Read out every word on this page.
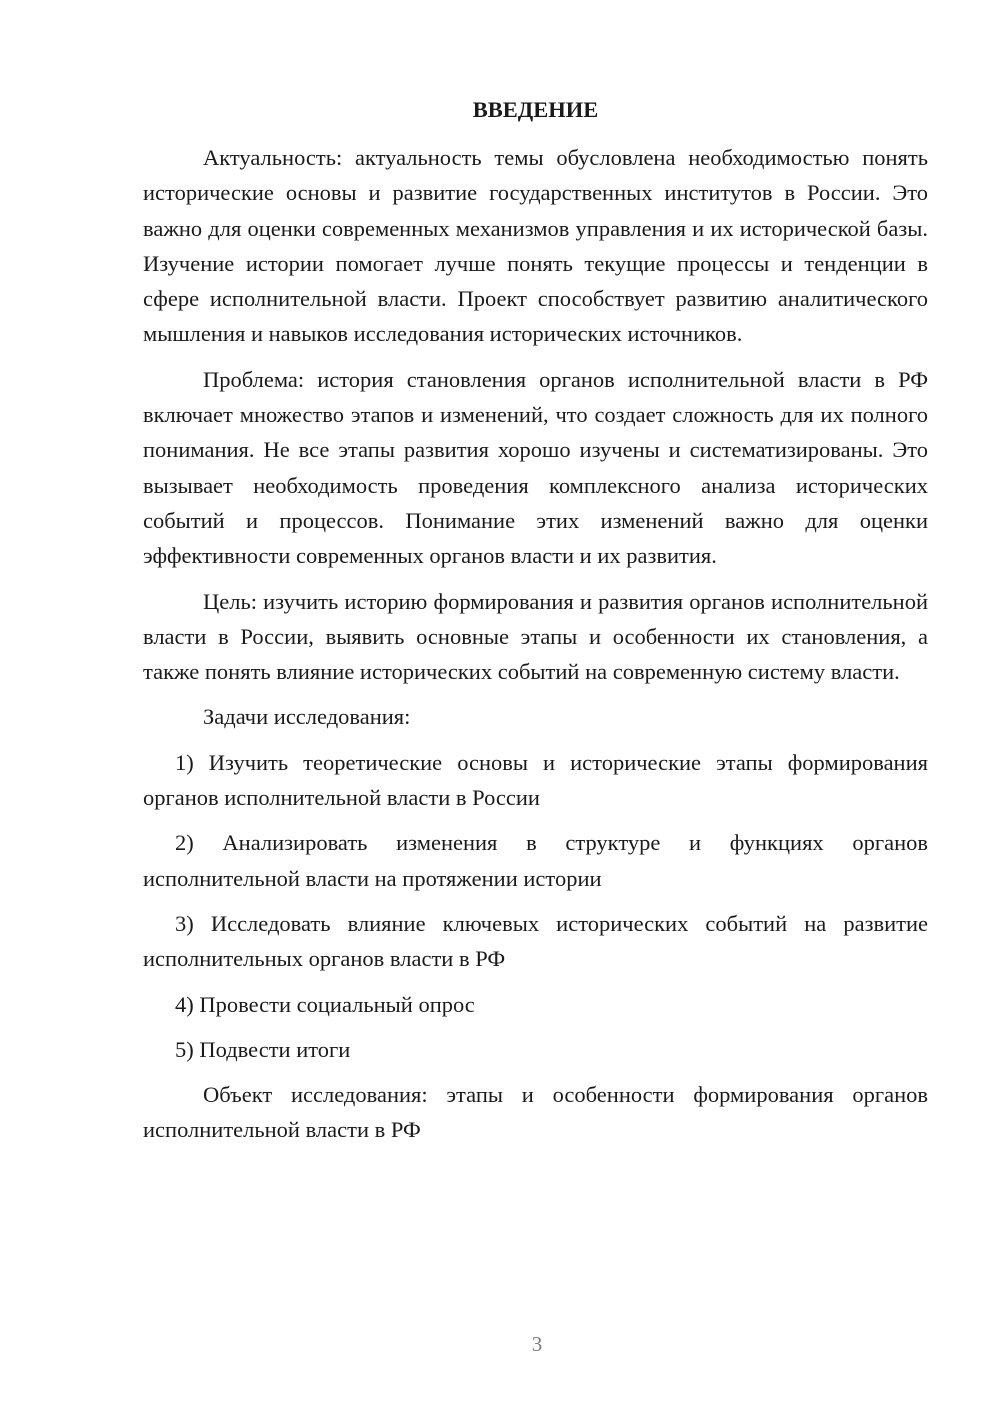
ВВЕДЕНИЕ

Актуальность: актуальность темы обусловлена необходимостью понять исторические основы и развитие государственных институтов в России. Это важно для оценки современных механизмов управления и их исторической базы. Изучение истории помогает лучше понять текущие процессы и тенденции в сфере исполнительной власти. Проект способствует развитию аналитического мышления и навыков исследования исторических источников.

Проблема: история становления органов исполнительной власти в РФ включает множество этапов и изменений, что создает сложность для их полного понимания. Не все этапы развития хорошо изучены и систематизированы. Это вызывает необходимость проведения комплексного анализа исторических событий и процессов. Понимание этих изменений важно для оценки эффективности современных органов власти и их развития.

Цель: изучить историю формирования и развития органов исполнительной власти в России, выявить основные этапы и особенности их становления, а также понять влияние исторических событий на современную систему власти.

Задачи исследования:

1) Изучить теоретические основы и исторические этапы формирования органов исполнительной власти в России

2) Анализировать изменения в структуре и функциях органов исполнительной власти на протяжении истории

3) Исследовать влияние ключевых исторических событий на развитие исполнительных органов власти в РФ

4) Провести социальный опрос

5) Подвести итоги

Объект исследования: этапы и особенности формирования органов исполнительной власти в РФ

3
